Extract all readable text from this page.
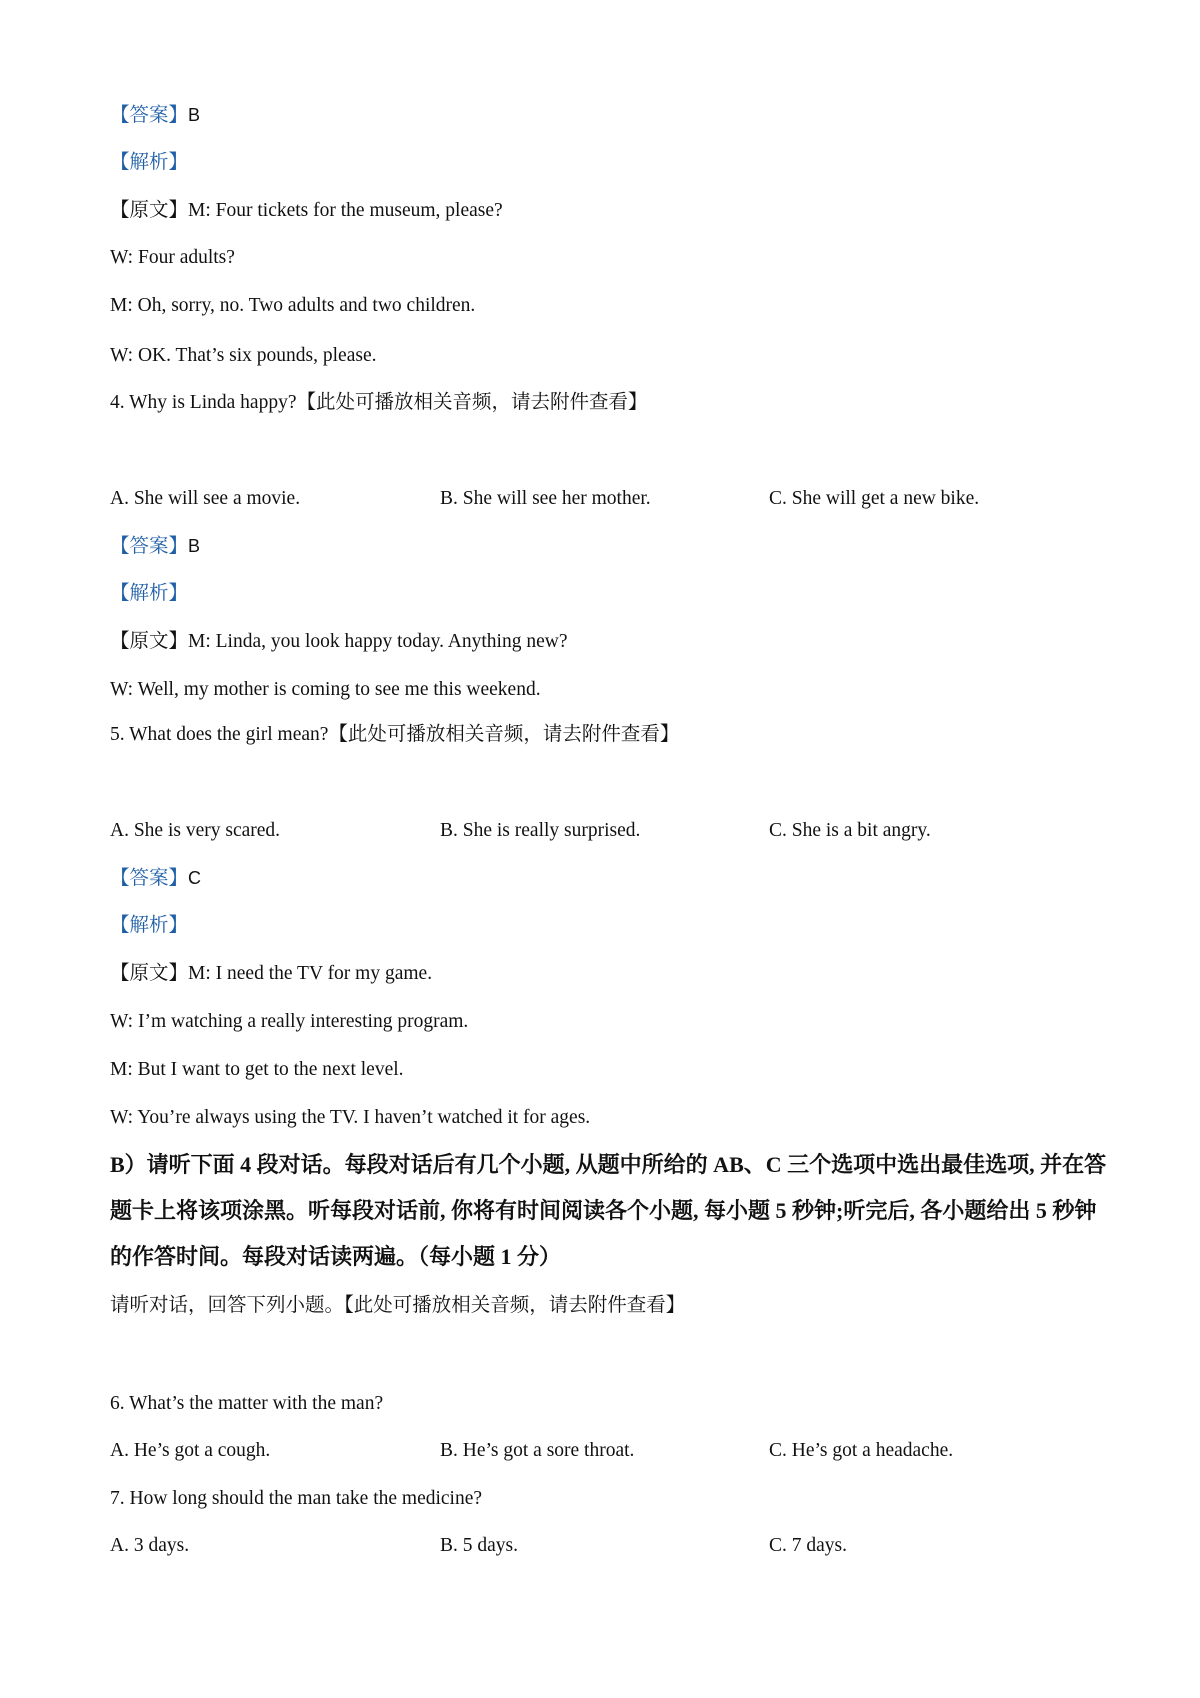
【答案】B
【解析】
【原文】M: Four tickets for the museum, please?
W: Four adults?
M: Oh, sorry, no. Two adults and two children.
W: OK. That’s six pounds, please.
4. Why is Linda happy?【此处可播放相关音频，请去附件查看】
A. She will see a movie.	B. She will see her mother.	C. She will get a new bike.
【答案】B
【解析】
【原文】M: Linda, you look happy today. Anything new?
W: Well, my mother is coming to see me this weekend.
5. What does the girl mean?【此处可播放相关音频，请去附件查看】
A. She is very scared.	B. She is really surprised.	C. She is a bit angry.
【答案】C
【解析】
【原文】M: I need the TV for my game.
W: I’m watching a really interesting program.
M: But I want to get to the next level.
W: You’re always using the TV. I haven’t watched it for ages.
B）请听下面 4 段对话。每段对话后有几个小题, 从题中所给的 AB、C 三个选项中选出最佳选项, 并在答题卡上将该项涂黑。听每段对话前, 你将有时间阅读各个小题, 每小题 5 秒钟;听完后, 各小题给出 5 秒钟的作答时间。每段对话读两遍。（每小题 1 分）
请听对话，回答下列小题。【此处可播放相关音频，请去附件查看】
6. What’s the matter with the man?
A. He’s got a cough.	B. He’s got a sore throat.	C. He’s got a headache.
7. How long should the man take the medicine?
A. 3 days.	B. 5 days.	C. 7 days.
